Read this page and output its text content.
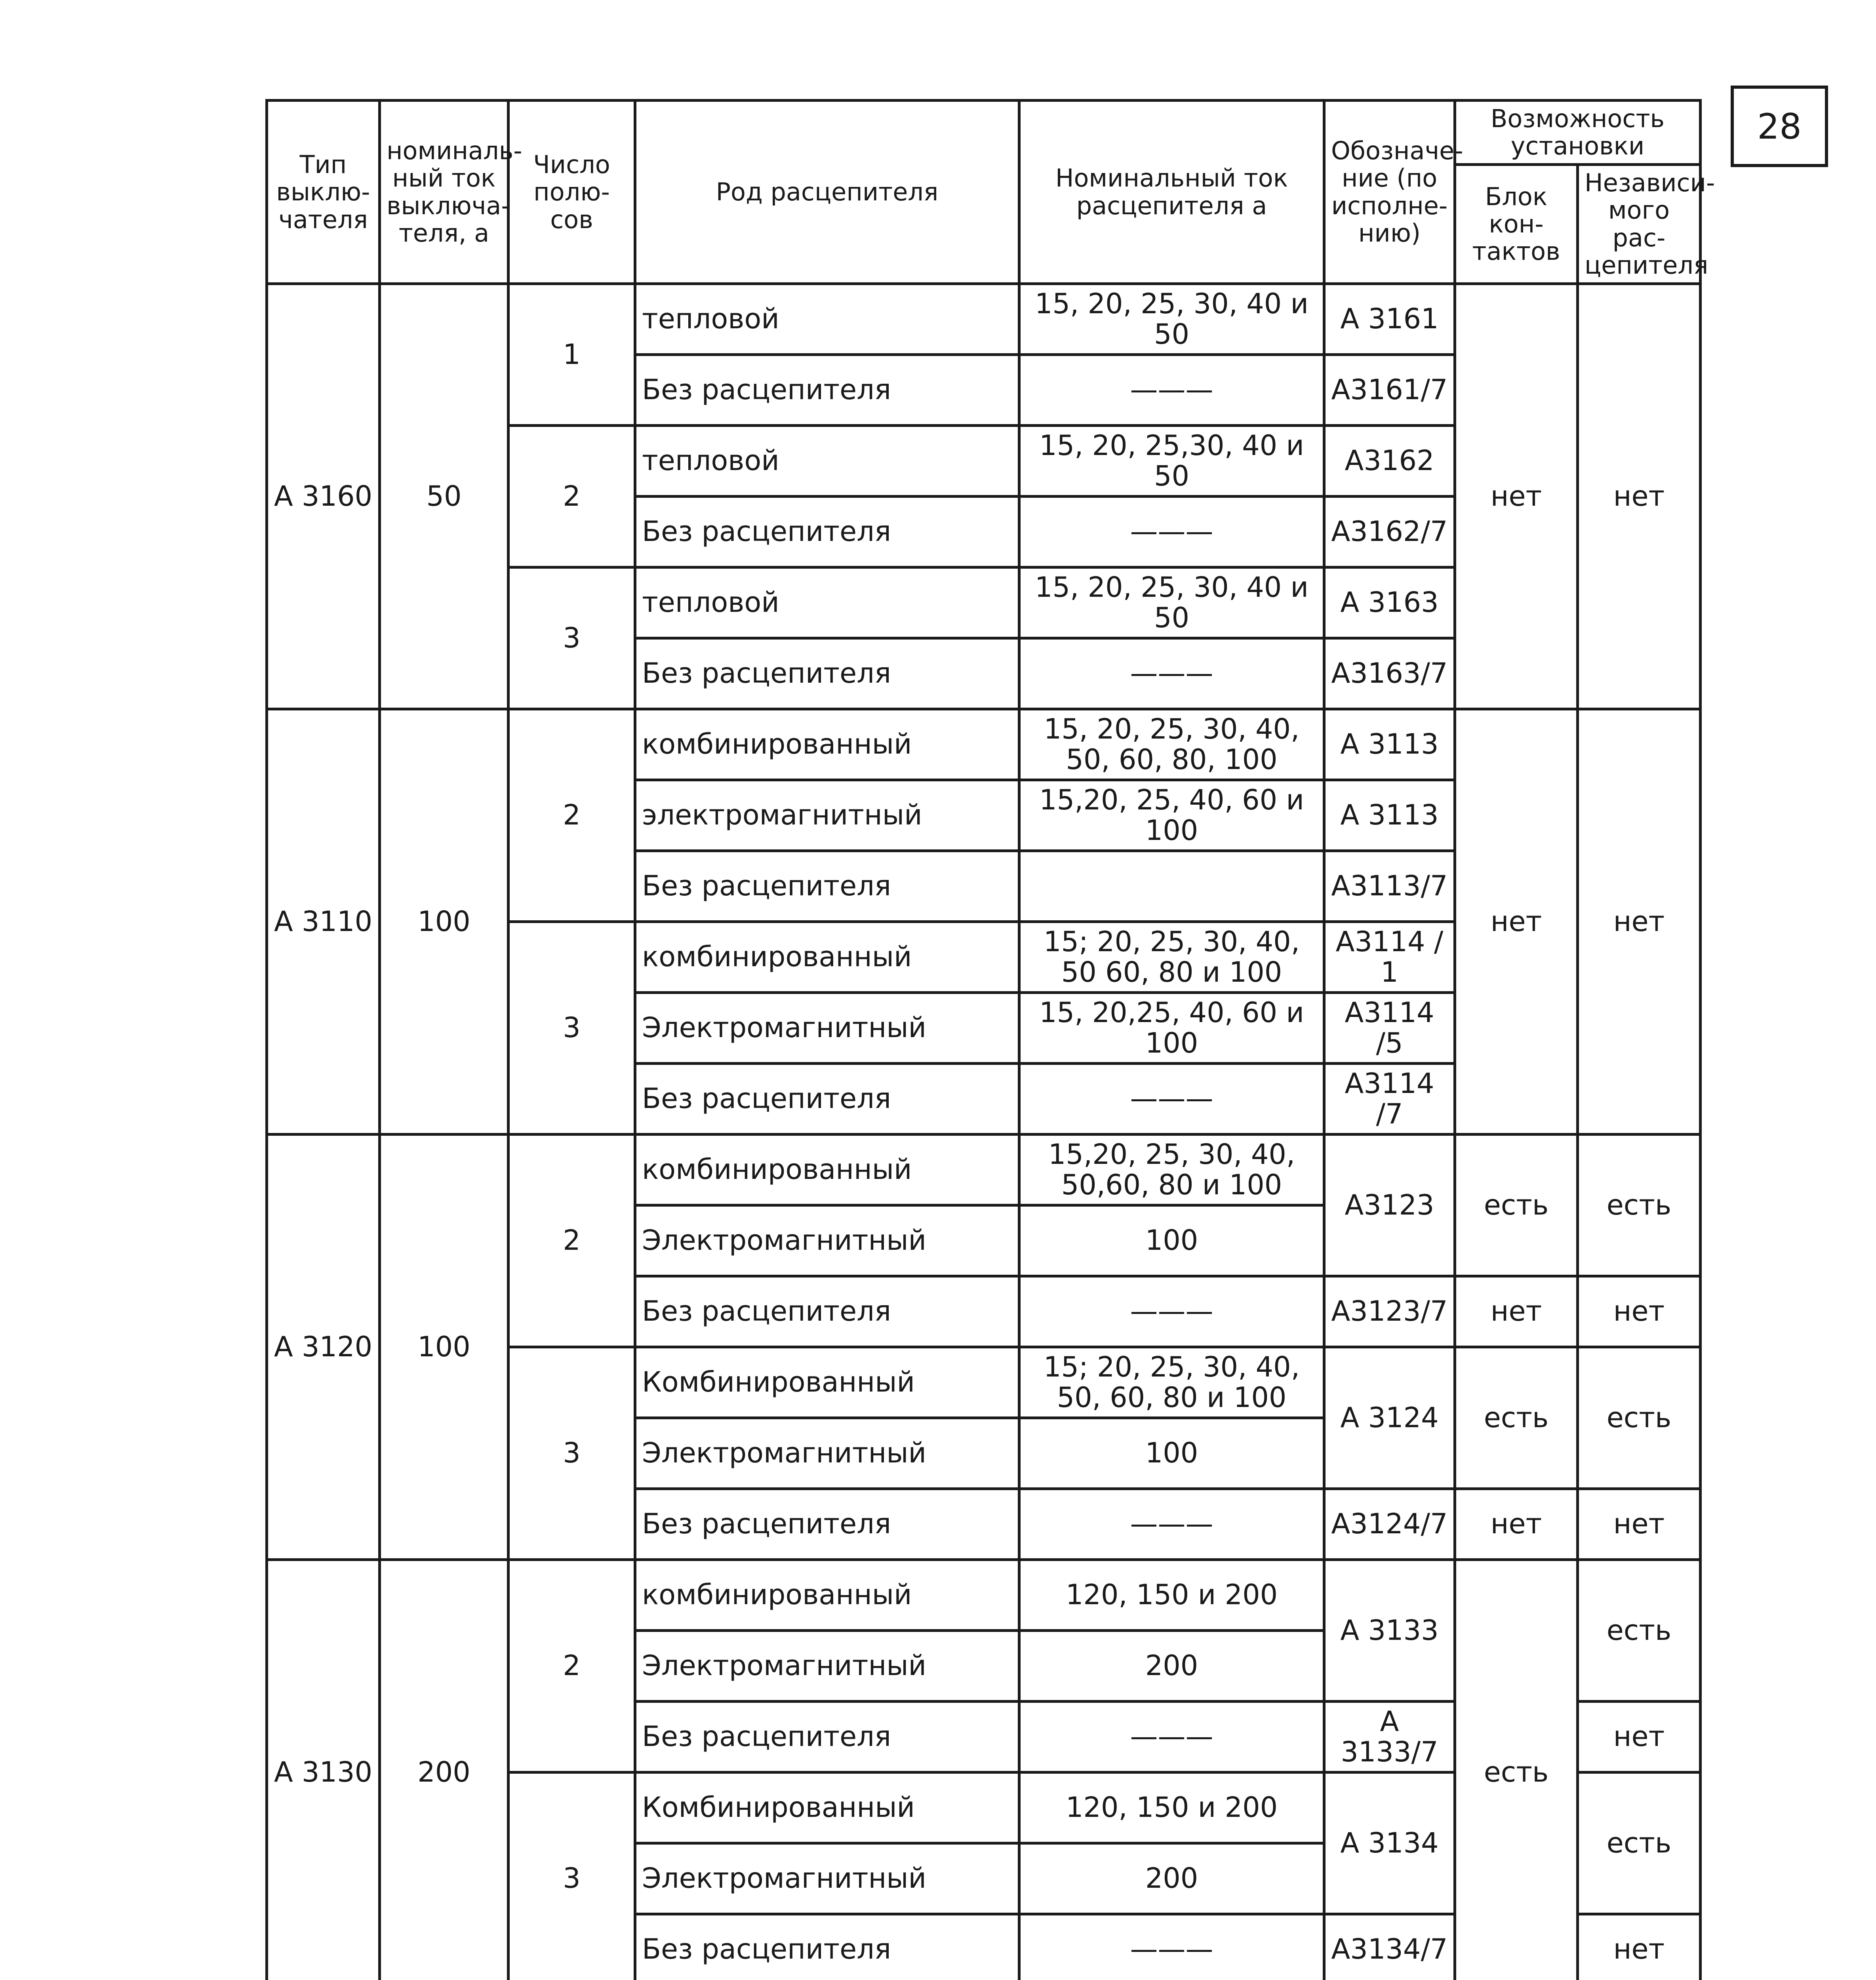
28
Тип выклю-чателя	номиналь-ный ток выключа-теля, а	Число полю-сов	Род расцепителя	Номинальный ток расцепителя а	Обозначе-ние (по исполне-нию)	Возможность установки	
						Блок кон-тактов	Независи-мого рас-цепителя
А 3160	50	1	тепловой	15, 20, 25, 30, 40 и 50	А 3161	нет	нет
			Без расцепителя	———	А3161/7		
		2	тепловой	15, 20, 25,30, 40 и 50	А3162		
			Без расцепителя	———	А3162/7		
		3	тепловой	15, 20, 25, 30, 40 и 50	А 3163		
			Без расцепителя	———	А3163/7		
А 3110	100	2	комбинированный	15, 20, 25, 30, 40, 50, 60, 80, 100	А 3113	нет	нет
			электромагнитный	15,20, 25, 40, 60 и 100	А 3113		
			Без расцепителя		А3113/7		
		3	комбинированный	15; 20, 25, 30, 40, 50 60, 80 и 100	А3114 / 1		
			Электромагнитный	15, 20,25, 40, 60 и 100	А3114 /5		
			Без расцепителя	———	А3114 /7		
А 3120	100	2	комбинированный	15,20, 25, 30, 40, 50,60, 80 и 100	А3123	есть	есть
			Электромагнитный	100			
			Без расцепителя	———	А3123/7	нет	нет
		3	Комбинированный	15; 20, 25, 30, 40, 50, 60, 80 и 100	А 3124	есть	есть
			Электромагнитный	100			
			Без расцепителя	———	А3124/7	нет	нет
А 3130	200	2	комбинированный	120, 150 и 200	А 3133	есть	есть
			Электромагнитный	200			
			Без расцепителя	———	А 3133/7		нет
		3	Комбинированный	120, 150 и 200	А 3134		есть
			Электромагнитный	200			
			Без расцепителя	———	А3134/7		нет
